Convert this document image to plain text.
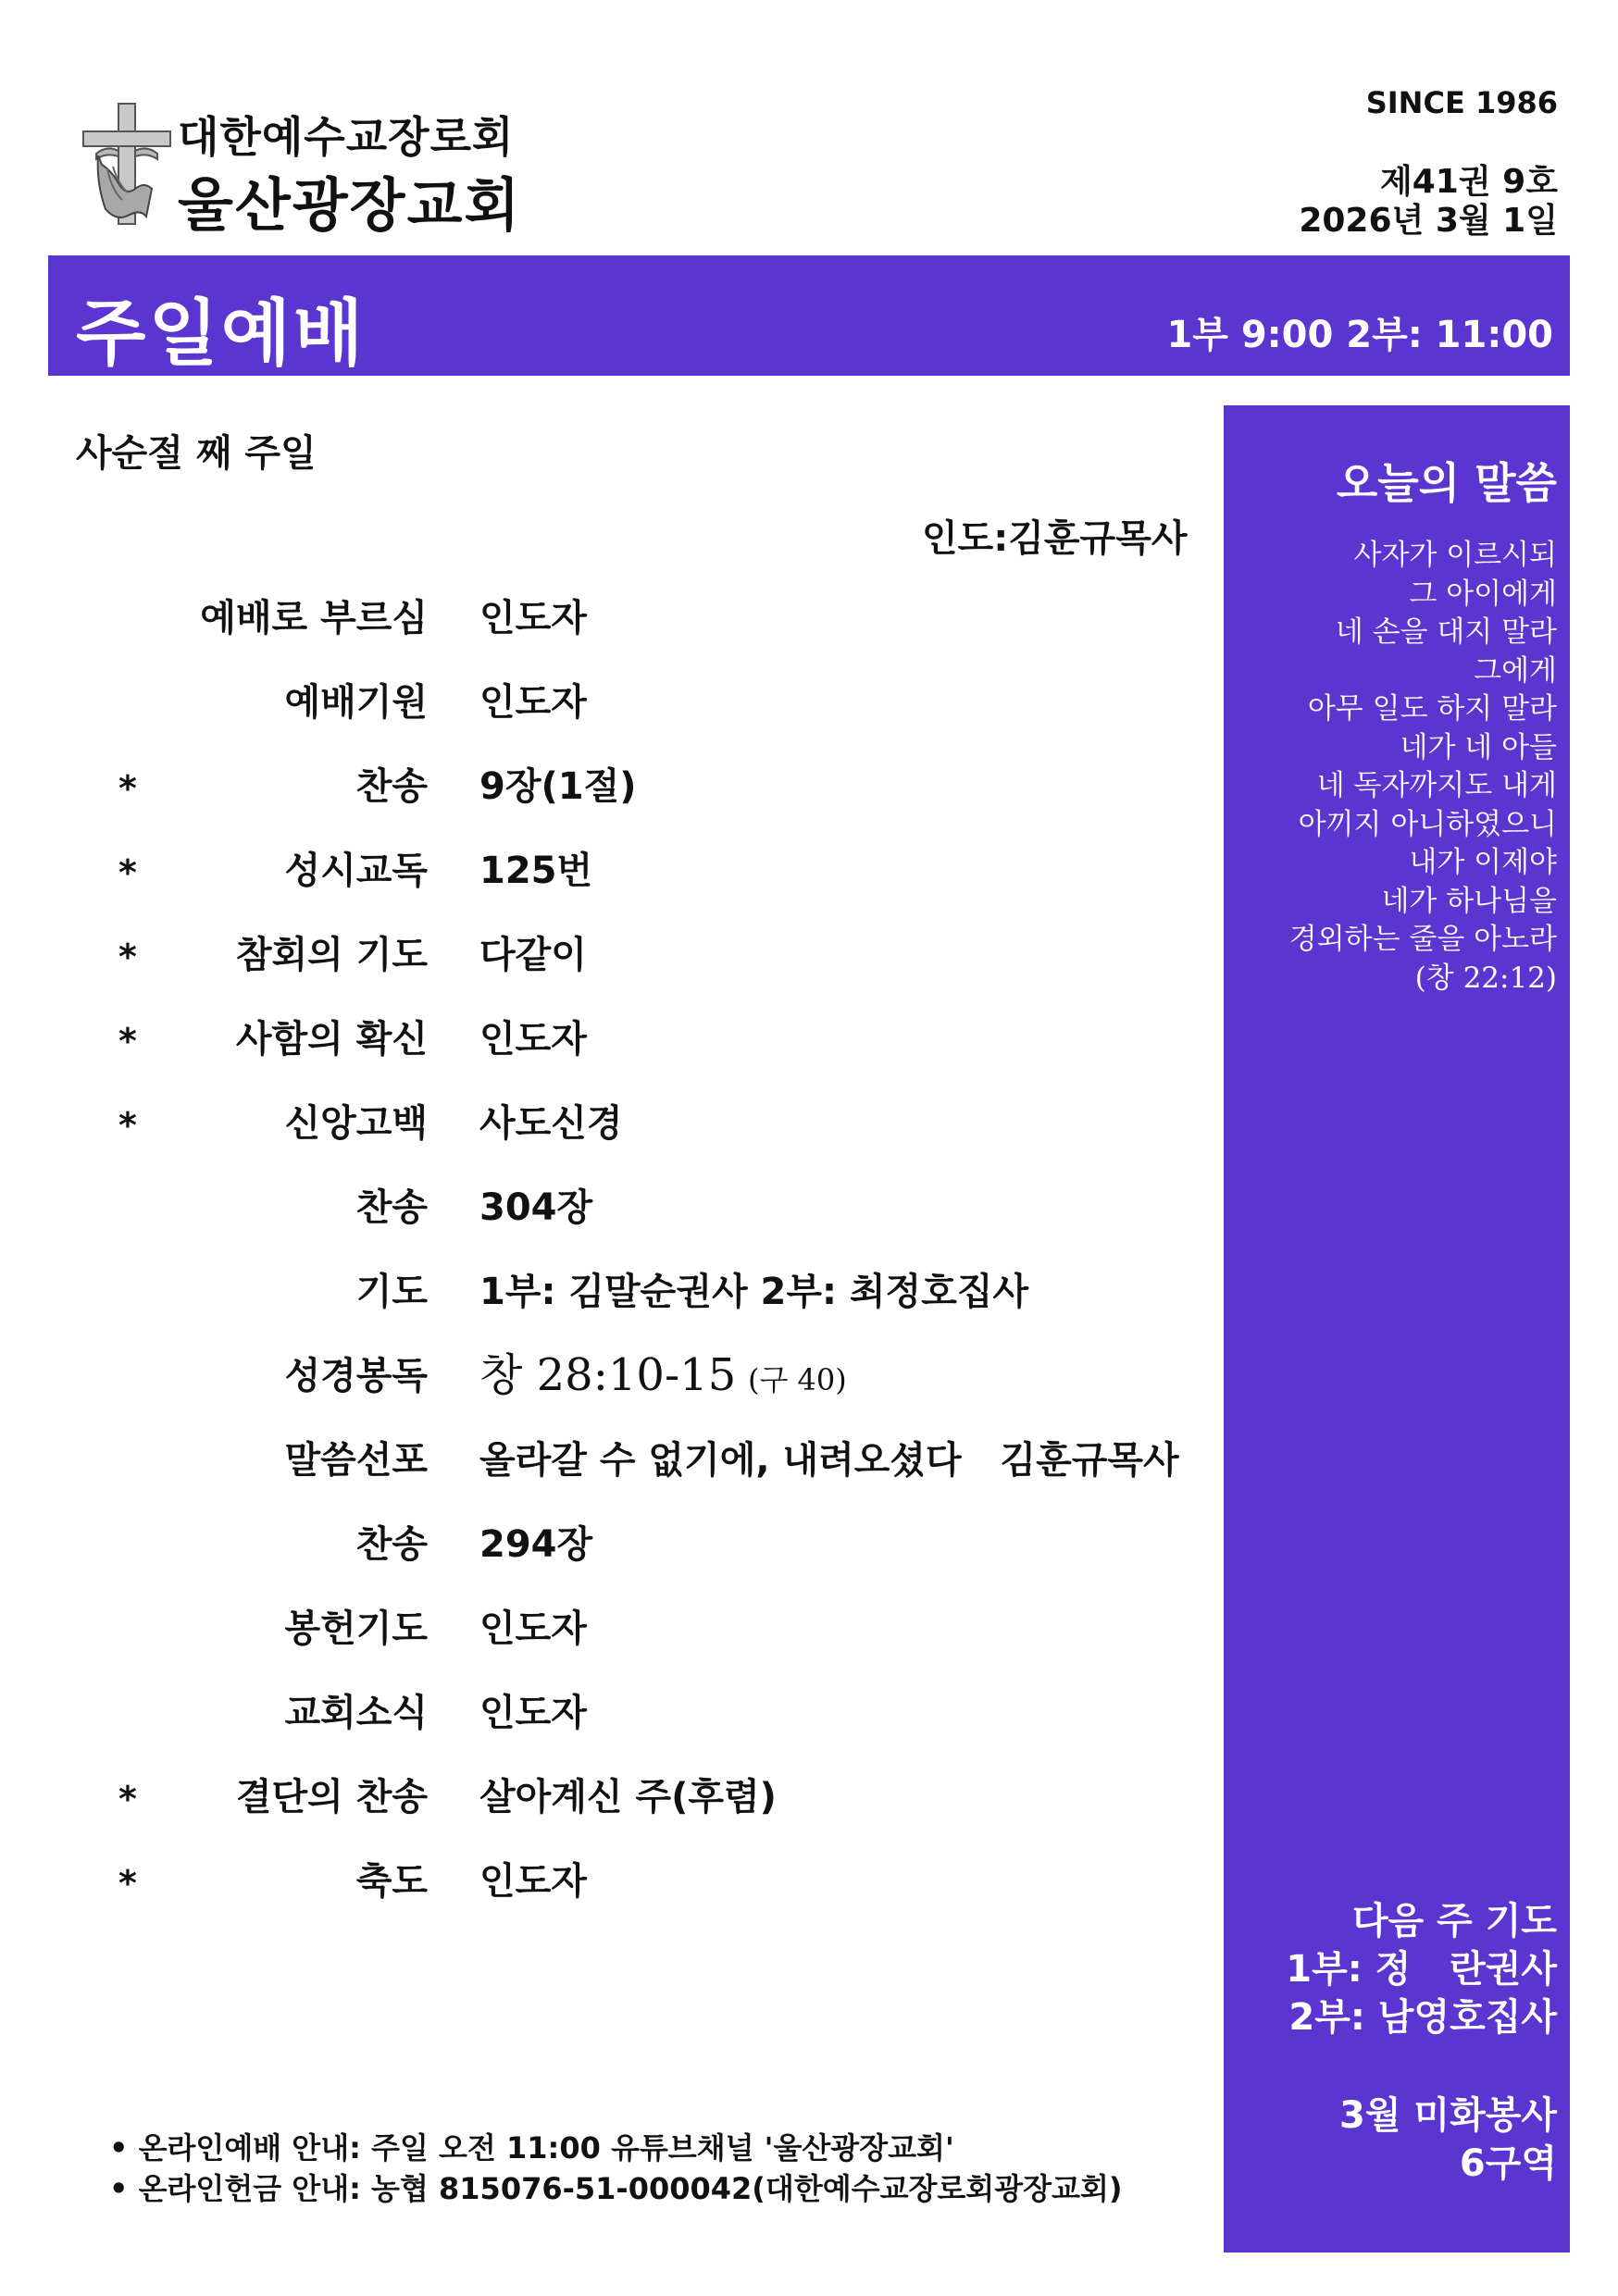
대한예수교장로회
울산광장교회
SINCE 1986
제41권 9호
2026년 3월 1일
주일예배	1부 9:00 2부: 11:00
사순절 째 주일
인도:김훈규목사
예배로 부르심 인도자
예배기원 인도자
*	찬송 9장(1절)
*	성시교독 125번
*	참회의 기도 다같이
*	사함의 확신 인도자
*	신앙고백 사도신경
찬송 304장
기도 1부: 김말순권사 2부: 최정호집사
성경봉독 창 28:10-15 (구 40)
말씀선포 올라갈 수 없기에, 내려오셨다   김훈규목사
찬송 294장
봉헌기도 인도자
교회소식 인도자
*	결단의 찬송 살아계신 주(후렴)
*	축도 인도자
• 온라인예배 안내: 주일 오전 11:00 유튜브채널 '울산광장교회'
• 온라인헌금 안내: 농협 815076-51-000042(대한예수교장로회광장교회)
오늘의 말씀
사자가 이르시되
그 아이에게
네 손을 대지 말라
그에게
아무 일도 하지 말라
네가 네 아들
네 독자까지도 내게
아끼지 아니하였으니
내가 이제야
네가 하나님을
경외하는 줄을 아노라
(창 22:12)
다음 주 기도
1부: 정   란권사
2부: 남영호집사
3월 미화봉사
6구역
